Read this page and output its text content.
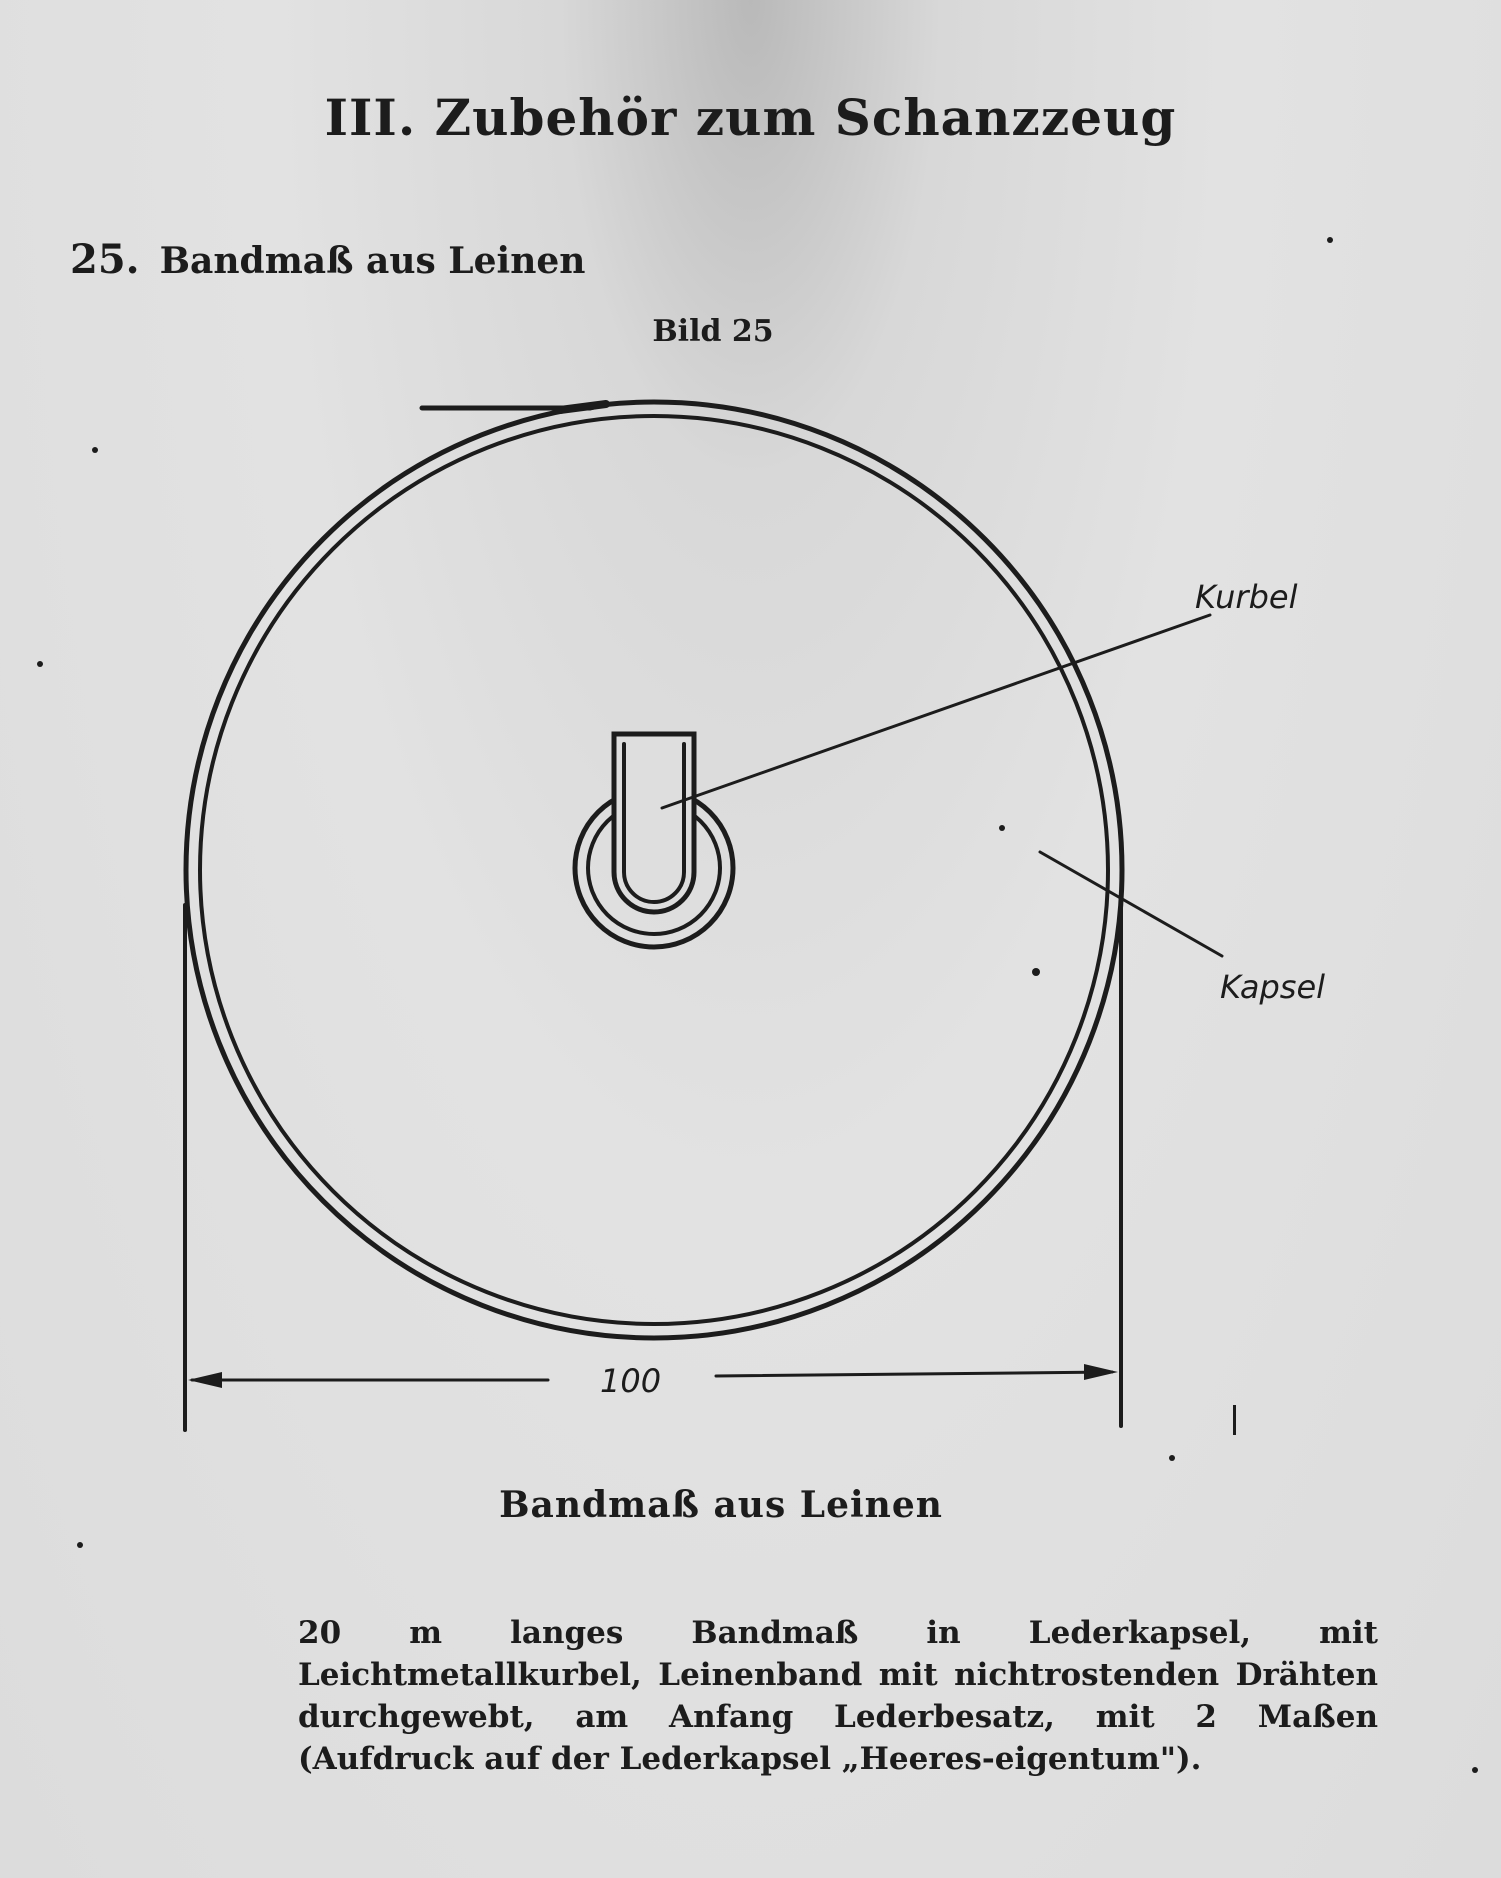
III. Zubehör zum Schanzzeug
25. Bandmaß aus Leinen
Bild 25
Kurbel
Kapsel
100
Bandmaß aus Leinen
20 m langes Bandmaß in Lederkapsel, mit Leichtmetallkurbel, Leinenband mit nichtrostenden Drähten durchgewebt, am Anfang Lederbesatz, mit 2 Maßen (Aufdruck auf der Lederkapsel „Heeres-eigentum").
